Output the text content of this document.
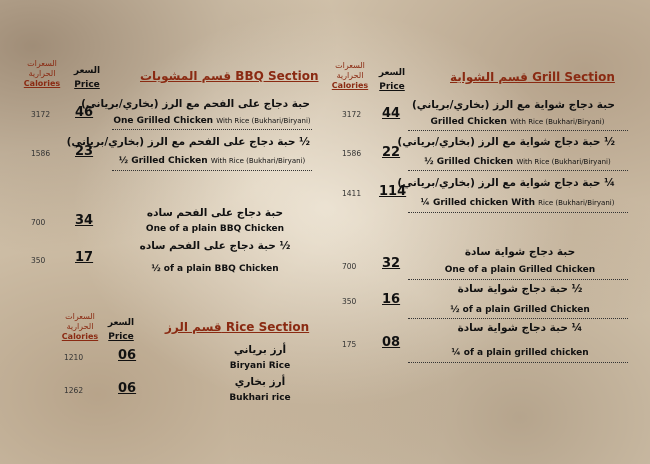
السعرات الحرارية
Calories
السعر
Price
قسم المشويات BBQ Section
3172 46
حبة دجاج على الفحم مع الرز (بخاري/برياني)
One Grilled Chicken With Rice (Bukhari/Biryani)
1586 23
½ حبة دجاج على الفحم مع الرز (بخاري/برياني)
½ Grilled Chicken With Rice (Bukhari/Biryani)
700 34	حبة دجاج على الفحم ساده
One of a plain BBQ Chicken
350 17
½ حبة دجاج على الفحم ساده
½ of a plain BBQ Chicken
السعرات الحرارية
Calories
السعر
Price
قسم الرز Rice Section
1210	06	أرز برياني
Biryani Rice
1262	06	أرز بخاري
Bukhari rice
السعرات الحرارية
Calories
السعر
Price
قسم الشواية Grill Section
3172 44
حبة دجاج شواية مع الرز (بخاري/برياني)
Grilled Chicken With Rice (Bukhari/Biryani)
1586 22
½ حبة دجاج شواية مع الرز (بخاري/برياني)
½ Grilled Chicken With Rice (Bukhari/Biryani)
1411 114
¼ حبة دجاج شواية مع الرز (بخاري/برياني)
¼ Grilled chicken With Rice (Bukhari/Biryani)
700 32
حبة دجاج شواية سادة
One of a plain Grilled Chicken
350 16
½ حبة دجاج شواية سادة
½ of a plain Grilled Chicken
175 08
¼ حبة دجاج شواية سادة
¼ of a plain grilled chicken
